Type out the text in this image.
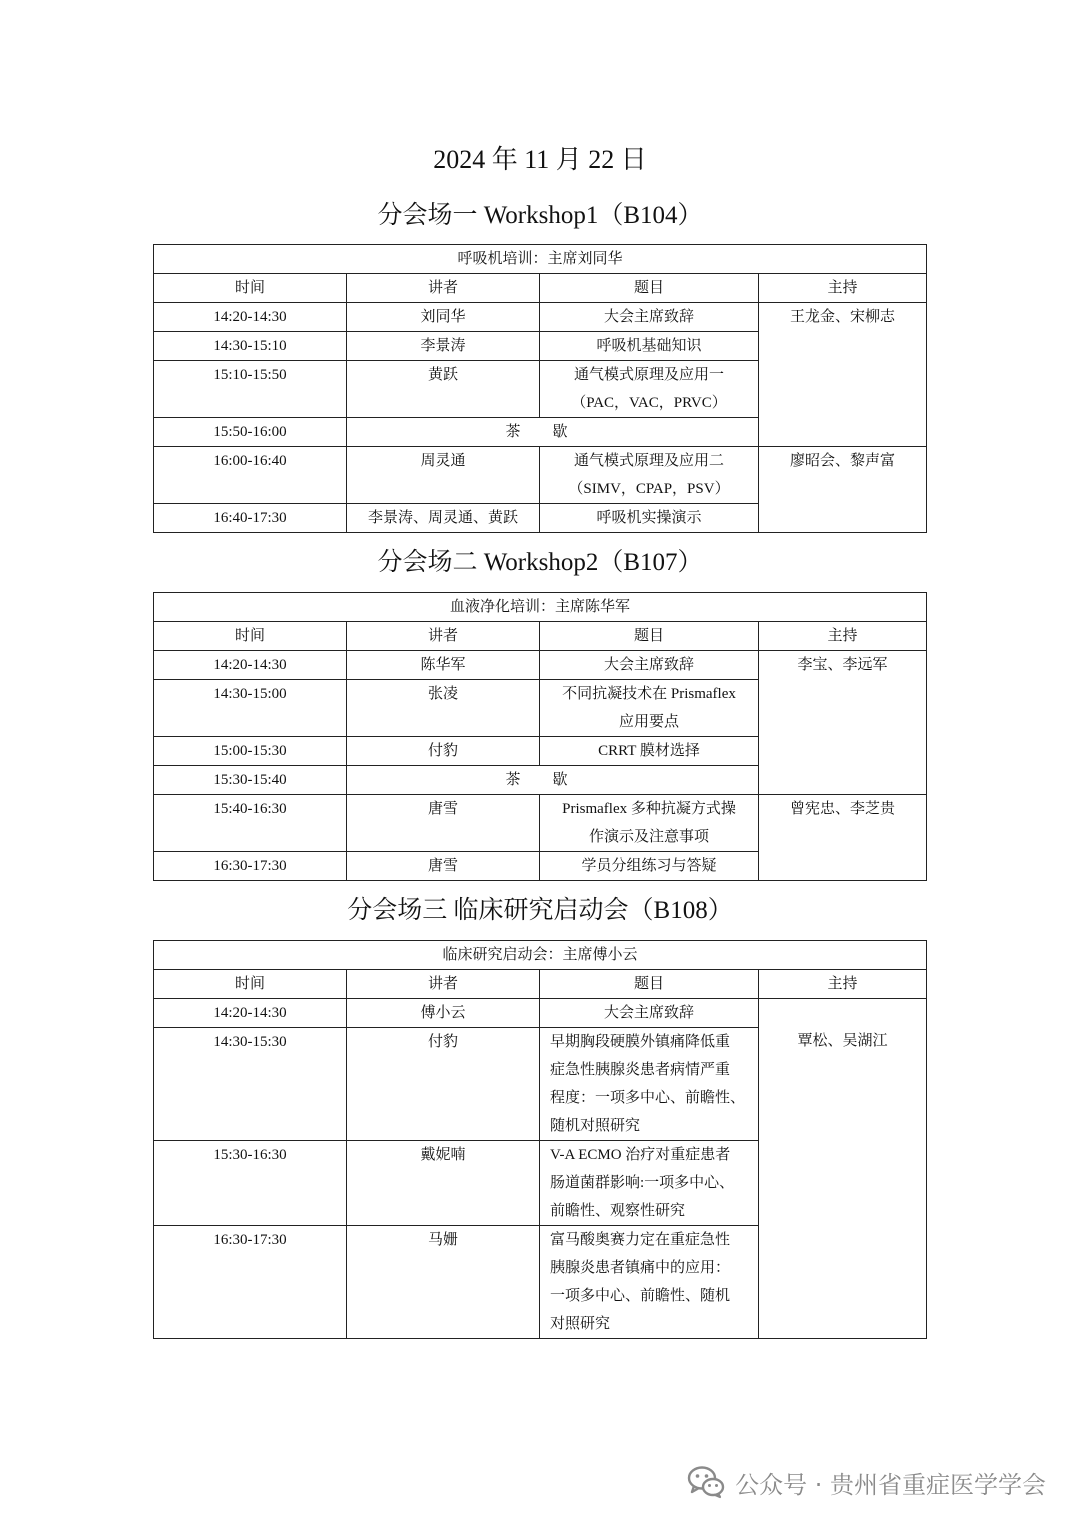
2024 年 11 月 22 日
分会场一 Workshop1（B104）
呼吸机培训：主席刘同华			
时间	讲者	题目	主持
14:20-14:30	刘同华	大会主席致辞	王龙金、宋柳志
14:30-15:10	李景涛	呼吸机基础知识	

15:10-15:50	黄跃	通气模式原理及应用一
（PAC，VAC，PRVC）	

15:50-16:00	茶歇		
16:00-16:40	周灵通	通气模式原理及应用二
（SIMV，CPAP，PSV）	廖昭会、黎声富
16:40-17:30	李景涛、周灵通、黄跃	呼吸机实操演示	
分会场二 Workshop2（B107）
血液净化培训：主席陈华军			
时间	讲者	题目	主持
14:20-14:30	陈华军	大会主席致辞	李宝、李远军
14:30-15:00	张凌	不同抗凝技术在 Prismaflex
应用要点	

15:00-15:30	付豹	CRRT 膜材选择	

15:30-15:40	茶歇		
15:40-16:30	唐雪	Prismaflex 多种抗凝方式操
作演示及注意事项	曾宪忠、李芝贵
16:30-17:30	唐雪	学员分组练习与答疑	
分会场三 临床研究启动会（B108）
临床研究启动会：主席傅小云			
时间	讲者	题目	主持
14:20-14:30	傅小云	大会主席致辞	覃松、吴湖江
14:30-15:30	付豹	早期胸段硬膜外镇痛降低重
症急性胰腺炎患者病情严重
程度：一项多中心、前瞻性、
随机对照研究	

15:30-16:30	戴妮喃	V-A ECMO 治疗对重症患者
肠道菌群影响:一项多中心、
前瞻性、观察性研究	

16:30-17:30	马姗	富马酸奥赛力定在重症急性
胰腺炎患者镇痛中的应用：
一项多中心、前瞻性、随机
对照研究	
公众号 · 贵州省重症医学学会
